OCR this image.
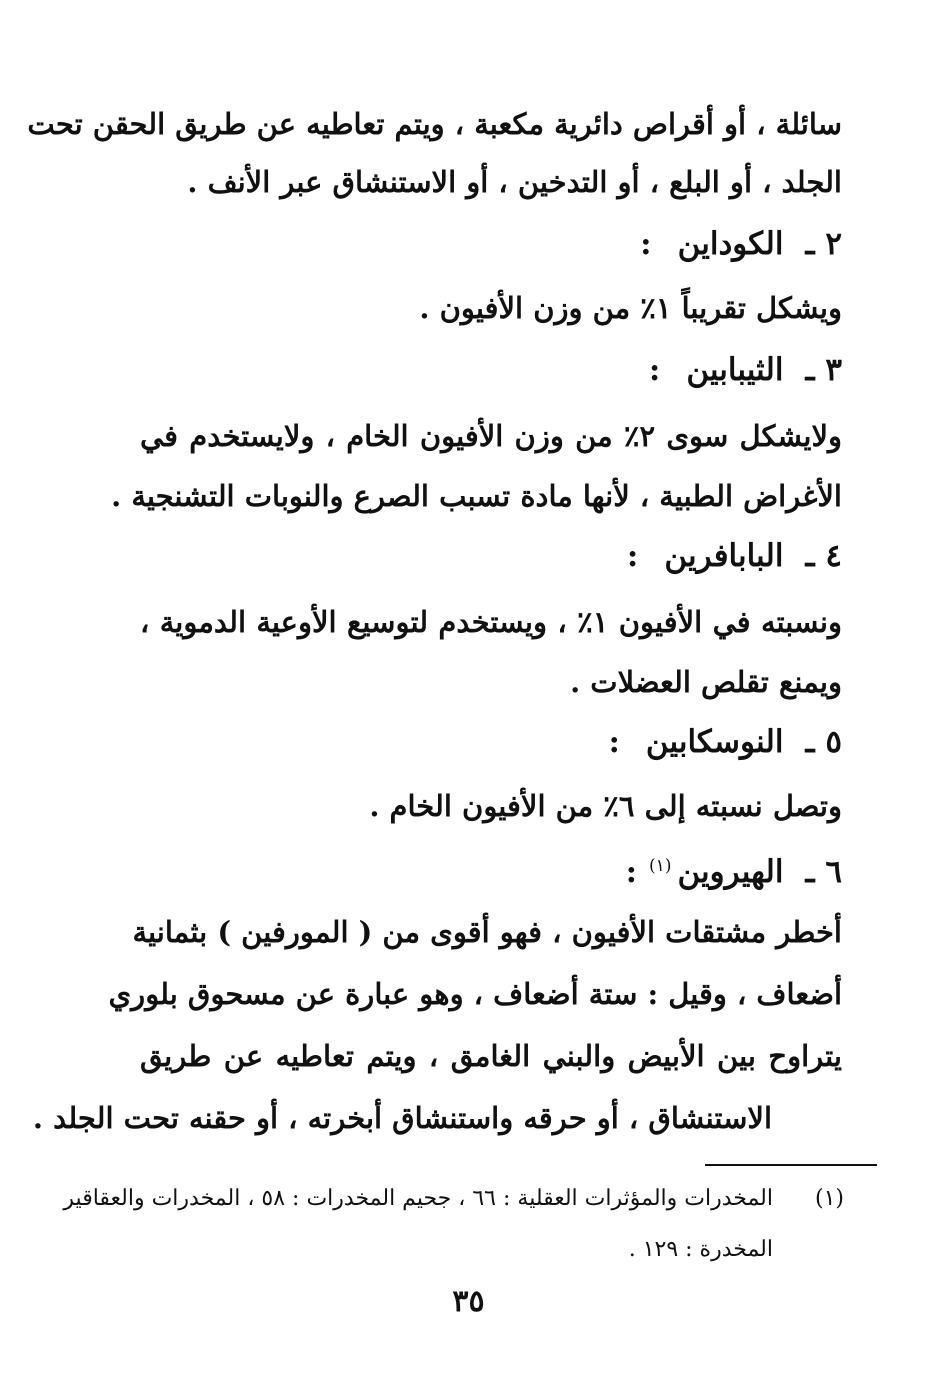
سائلة ، أو أقراص دائرية مكعبة ، ويتم تعاطيه عن طريق الحقن تحت
الجلد ، أو البلع ، أو التدخين ، أو الاستنشاق عبر الأنف .
٢ ـالكوداين:
ويشكل تقريباً ١٪ من وزن الأفيون .
٣ ـالثيبابين:
ولايشكل سوى ٢٪ من وزن الأفيون الخام ، ولايستخدم في
الأغراض الطبية ، لأنها مادة تسبب الصرع والنوبات التشنجية .
٤ ـالبابافرين:
ونسبته في الأفيون ١٪ ، ويستخدم لتوسيع الأوعية الدموية ،
ويمنع تقلص العضلات .
٥ ـالنوسكابين:
وتصل نسبته إلى ٦٪ من الأفيون الخام .
٦ ـالهيروين$^{(١)}$:
أخطر مشتقات الأفيون ، فهو أقوى من ( المورفين ) بثمانية
أضعاف ، وقيل : ستة أضعاف ، وهو عبارة عن مسحوق بلوري
يتراوح بين الأبيض والبني الغامق ، ويتم تعاطيه عن طريق
الاستنشاق ، أو حرقه واستنشاق أبخرته ، أو حقنه تحت الجلد .
(١)
المخدرات والمؤثرات العقلية : ٦٦ ، جحيم المخدرات : ٥٨ ، المخدرات والعقاقير
المخدرة : ١٢٩ .
٣٥
